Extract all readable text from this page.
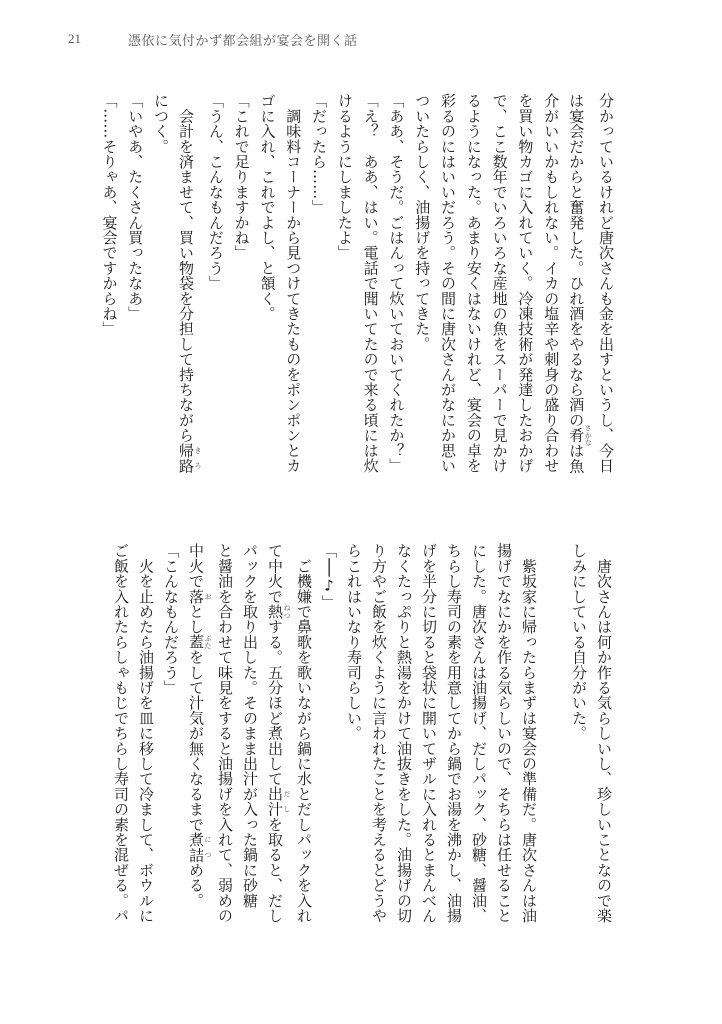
21	憑依に気付かず都会組が宴会を開く話
分かっているけれど唐次さんも金を出すというし、今日
は宴会だからと奮発した。ひれ酒をやるなら酒の肴 さかなは魚
介がいいかもしれない。イカの塩辛や刺身の盛り合わせ
を買い物カゴに入れていく。冷凍技術が発達したおかげ
で、ここ数年でいろいろな産地の魚をスーパーで見かけ
るようになった。あまり安くはないけれど、宴会の卓を
彩るのにはいいだろう。その間に唐次さんがなにか思い
ついたらしく、油揚げを持ってきた。
「ああ、そうだ。ごはんって炊いておいてくれたか？」
「え？　ああ、はい。電話で聞いてたので来る頃には炊
けるようにしましたよ」
「だったら……」
　調味料コーナーから見つけてきたものをポンポンとカ
ゴに入れ、これでよし、と頷く。
「これで足りますかね」
「うん、こんなもんだろう」
　会計を済ませて、買い物袋を分担して持ちながら帰路 きろ
につく。
「いやあ、たくさん買ったなあ」
「……そりゃあ、宴会ですからね」
　唐次さんは何か作る気らしいし、珍しいことなので楽
しみにしている自分がいた。
　紫坂家に帰ったらまずは宴会の準備だ。唐次さんは油
揚げでなにかを作る気らしいので、そちらは任せること
にした。唐次さんは油揚げ、だしパック、砂糖、醤油、
ちらし寿司の素を用意してから鍋でお湯を沸かし、油揚
げを半分に切ると袋状に開いてザルに入れるとまんべん
なくたっぷりと熱湯をかけて油抜きをした。油揚げの切
り方やご飯を炊くように言われたことを考えるとどうや
らこれはいなり寿司らしい。
「──♪」
　ご機嫌で鼻歌を歌いながら鍋に水とだしパックを入れ
て中火で熱 ねつする。五分ほど煮出して出汁 だしを取ると、だし
パックを取り出した。そのまま出汁が入った鍋に砂糖
と醤油を合わせて味見をすると油揚げを入れて、弱めの
中火で落 おとし蓋 ぶたをして汁気が無くなるまで煮詰 につめる。
「こんなもんだろう」
　火を止めたら油揚げを皿に移して冷まして、ボウルに
ご飯を入れたらしゃもじでちらし寿司の素を混ぜる。パ
